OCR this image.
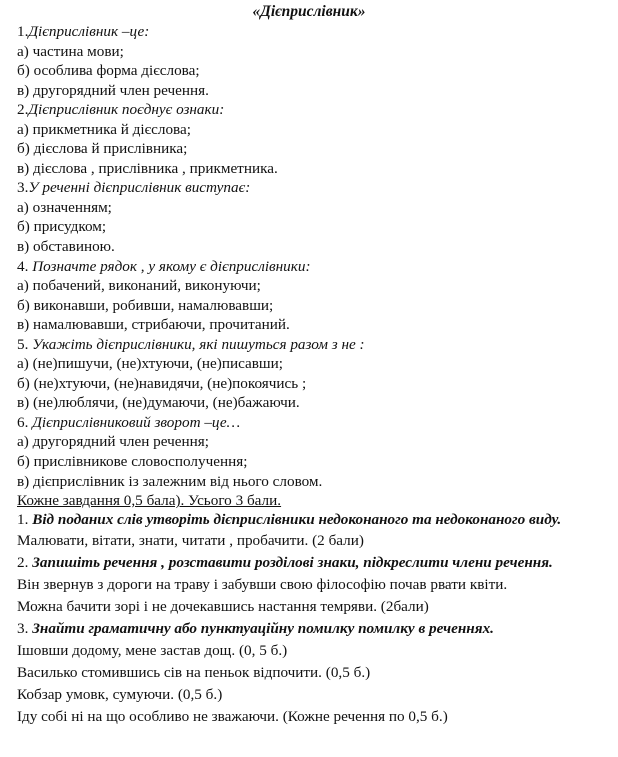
«Дієприслівник»
1.Дієприслівник –це:
а) частина мови;
б) особлива форма дієслова;
в) другорядний член речення.
2.Дієприслівник поєднує ознаки:
а) прикметника й дієслова;
б) дієслова й прислівника;
в) дієслова , прислівника , прикметника.
3.У реченні дієприслівник виступає:
а) означенням;
б) присудком;
в) обставиною.
4. Позначте рядок , у якому є дієприслівники:
а) побачений, виконаний, виконуючи;
б) виконавши, робивши, намалювавши;
в) намалювавши, стрибаючи, прочитаний.
5. Укажіть дієприслівники, які пишуться разом з не :
а) (не)пишучи, (не)хтуючи, (не)писавши;
б) (не)хтуючи, (не)навидячи, (не)покоячись ;
в) (не)люблячи, (не)думаючи, (не)бажаючи.
6. Дієприслівниковий зворот –це…
а) другорядний член речення;
б) прислівникове словосполучення;
в) дієприслівник із залежним від нього словом.
Кожне завдання 0,5 бала). Усього 3 бали.
1. Від поданих слів утворіть дієприслівники недоконаного та недоконаного виду.
Малювати, вітати, знати, читати , пробачити. (2 бали)
2. Запишіть речення , розставити розділові знаки, підкреслити члени речення.
Він звернув з дороги на траву і забувши свою філософію почав рвати квіти.
Можна бачити зорі і не дочекавшись настання темряви. (2бали)
3. Знайти граматичну або пунктуаційну помилку помилку в реченнях.
Ішовши додому, мене застав дощ. (0, 5 б.)
Василько стомившись сів на пеньок відпочити. (0,5 б.)
Кобзар умовк, сумуючи. (0,5 б.)
Іду собі ні на що особливо не зважаючи. (Кожне речення по 0,5 б.)
